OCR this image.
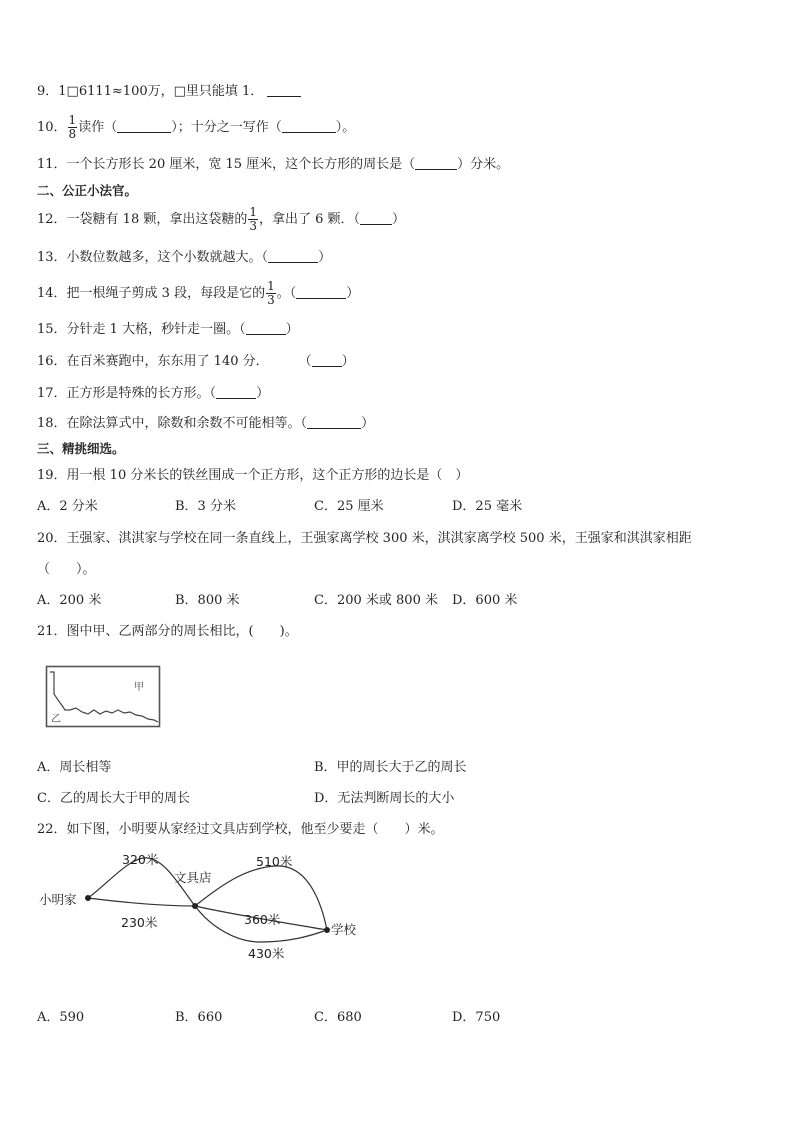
9．1□6111≈100万，□里只能填 1．
10． $\frac{1}{8}$ 读作（	）；十分之一写作（	）。
11．一个长方形长 20 厘米，宽 15 厘米，这个长方形的周长是（	）分米。
二、公正小法官。
12．一袋糖有 18 颗，拿出这袋糖的 $\frac{1}{3}$ ，拿出了 6 颗．（ ）
13．小数位数越多，这个小数就越大。（	）
14．把一根绳子剪成 3 段，每段是它的 $\frac{1}{3}$ 。（	）
15．分针走 1 大格，秒针走一圈。（	）
16．在百米赛跑中，东东用了 140 分． （ ）
17．正方形是特殊的长方形。（	）
18．在除法算式中，除数和余数不可能相等。（	）
三、精挑细选。
19．用一根 10 分米长的铁丝围成一个正方形，这个正方形的边长是（　）
A．2 分米	B．3 分米	C．25 厘米	D．25 毫米
20．王强家、淇淇家与学校在同一条直线上，王强家离学校 300 米，淇淇家离学校 500 米，王强家和淇淇家相距
（　　）。
A．200 米	B．800 米	C．200 米或 800 米 D．600 米
21．图中甲、乙两部分的周长相比，(　　)。
甲
乙
A．周长相等	B．甲的周长大于乙的周长
C．乙的周长大于甲的周长	D．无法判断周长的大小
22．如下图，小明要从家经过文具店到学校，他至少要走（　　）米。
小明家
文具店
学校
320米
230米
510米
360米
430米
A．590	B．660	C．680	D．750
